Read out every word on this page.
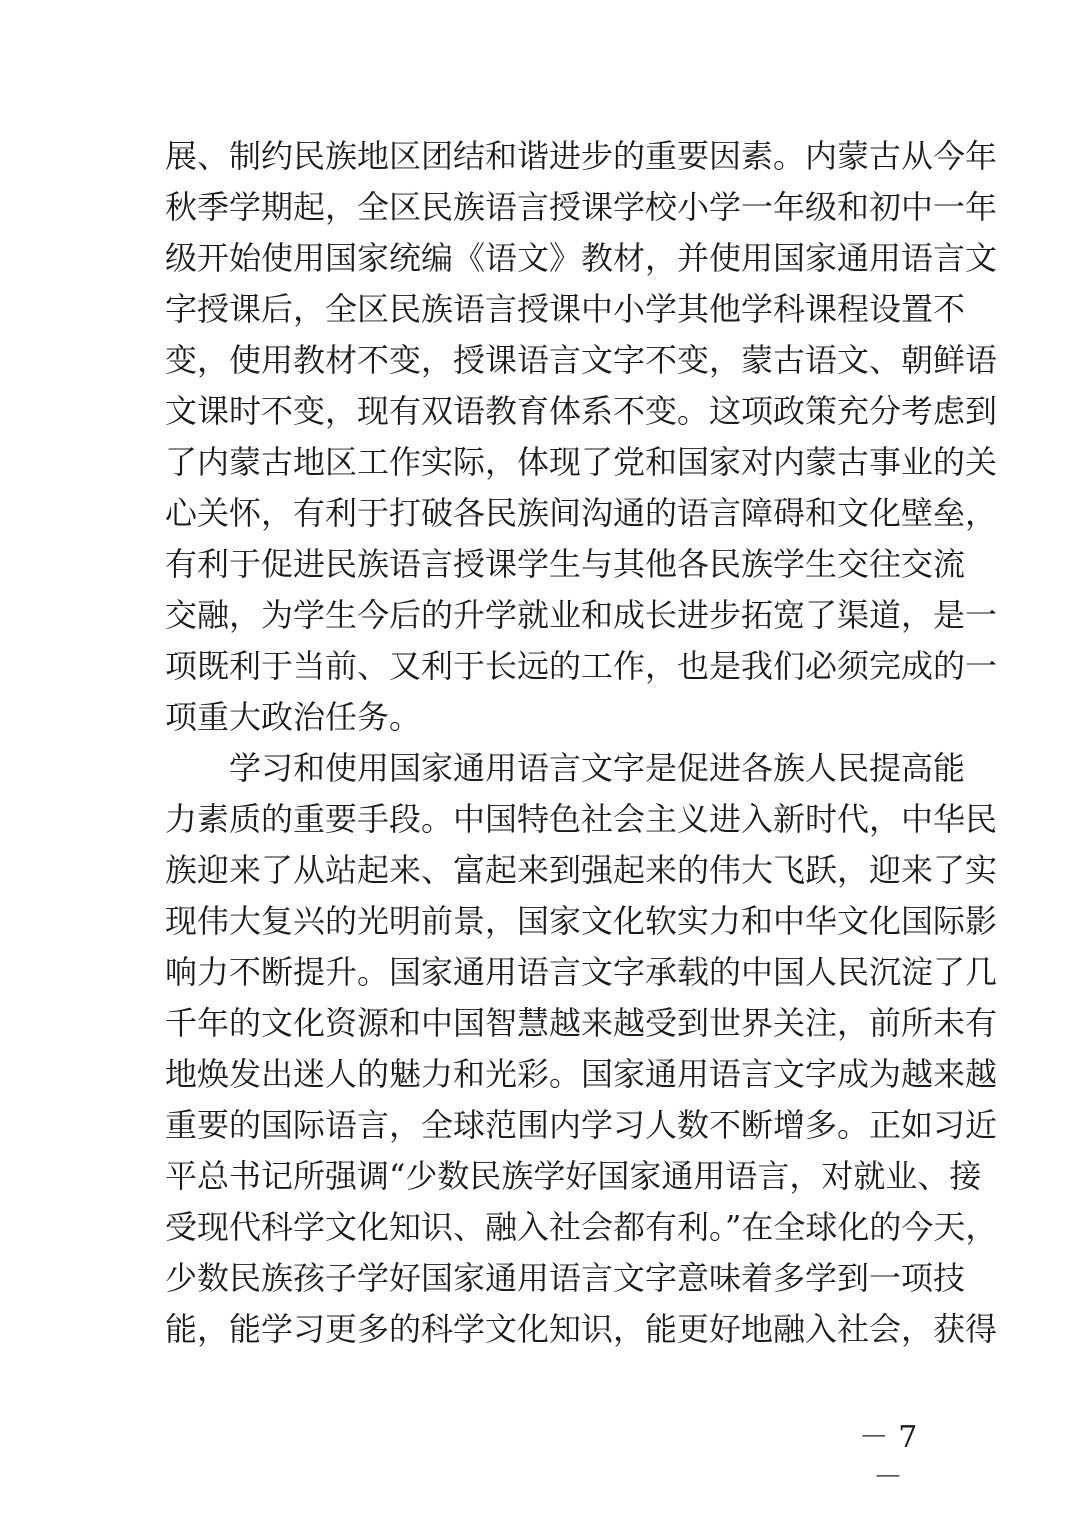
展、制约民族地区团结和谐进步的重要因素。内蒙古从今年
秋季学期起，全区民族语言授课学校小学一年级和初中一年
级开始使用国家统编《语文》教材，并使用国家通用语言文
字授课后，全区民族语言授课中小学其他学科课程设置不
变，使用教材不变，授课语言文字不变，蒙古语文、朝鲜语
文课时不变，现有双语教育体系不变。这项政策充分考虑到
了内蒙古地区工作实际，体现了党和国家对内蒙古事业的关
心关怀，有利于打破各民族间沟通的语言障碍和文化壁垒，
有利于促进民族语言授课学生与其他各民族学生交往交流
交融，为学生今后的升学就业和成长进步拓宽了渠道，是一
项既利于当前、又利于长远的工作，也是我们必须完成的一
项重大政治任务。
　　学习和使用国家通用语言文字是促进各族人民提高能
力素质的重要手段。中国特色社会主义进入新时代，中华民
族迎来了从站起来、富起来到强起来的伟大飞跃，迎来了实
现伟大复兴的光明前景，国家文化软实力和中华文化国际影
响力不断提升。国家通用语言文字承载的中国人民沉淀了几
千年的文化资源和中国智慧越来越受到世界关注，前所未有
地焕发出迷人的魅力和光彩。国家通用语言文字成为越来越
重要的国际语言，全球范围内学习人数不断增多。正如习近
平总书记所强调“少数民族学好国家通用语言，对就业、接
受现代科学文化知识、融入社会都有利。”在全球化的今天，
少数民族孩子学好国家通用语言文字意味着多学到一项技
能，能学习更多的科学文化知识，能更好地融入社会，获得
－ 7 －
